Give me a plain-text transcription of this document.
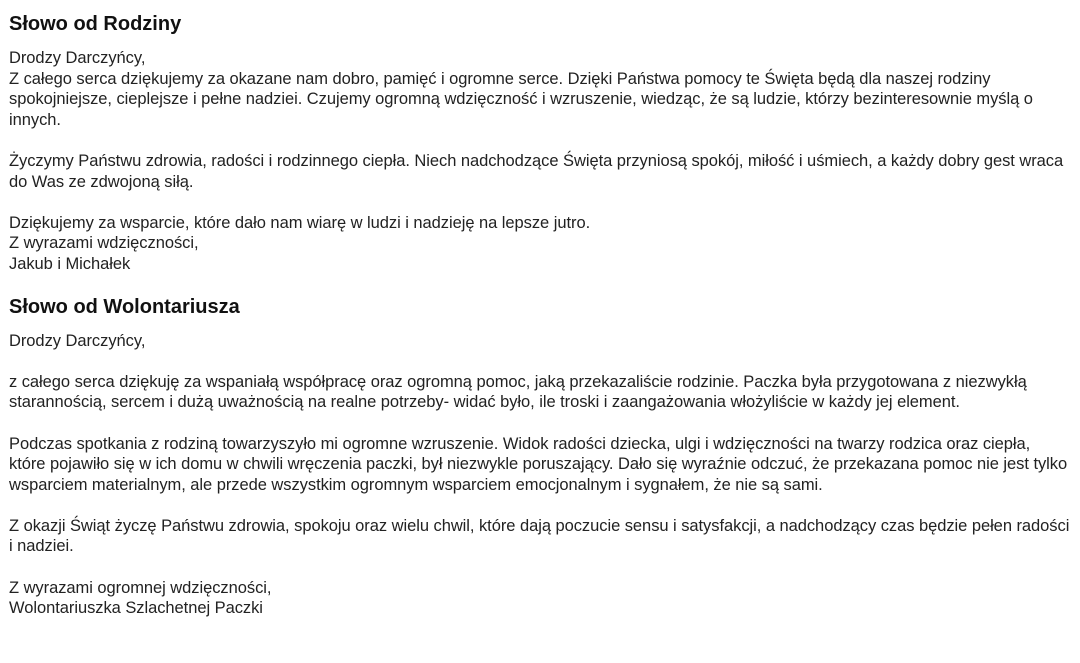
Słowo od Rodziny

Drodzy Darczyńcy,

Z całego serca dziękujemy za okazane nam dobro, pamięć i ogromne serce. Dzięki Państwa pomocy te Święta będą dla naszej rodziny spokojniejsze, cieplejsze i pełne nadziei. Czujemy ogromną wdzięczność i wzruszenie, wiedząc, że są ludzie, którzy bezinteresownie myślą o innych.

Życzymy Państwu zdrowia, radości i rodzinnego ciepła. Niech nadchodzące Święta przyniosą spokój, miłość i uśmiech, a każdy dobry gest wraca do Was ze zdwojoną siłą.

Dziękujemy za wsparcie, które dało nam wiarę w ludzi i nadzieję na lepsze jutro.
Z wyrazami wdzięczności,
Jakub i Michałek

Słowo od Wolontariusza

Drodzy Darczyńcy,

z całego serca dziękuję za wspaniałą współpracę oraz ogromną pomoc, jaką przekazaliście rodzinie. Paczka była przygotowana z niezwykłą starannością, sercem i dużą uważnością na realne potrzeby- widać było, ile troski i zaangażowania włożyliście w każdy jej element.

Podczas spotkania z rodziną towarzyszyło mi ogromne wzruszenie. Widok radości dziecka, ulgi i wdzięczności na twarzy rodzica oraz ciepła, które pojawiło się w ich domu w chwili wręczenia paczki, był niezwykle poruszający. Dało się wyraźnie odczuć, że przekazana pomoc nie jest tylko wsparciem materialnym, ale przede wszystkim ogromnym wsparciem emocjonalnym i sygnałem, że nie są sami.

Z okazji Świąt życzę Państwu zdrowia, spokoju oraz wielu chwil, które dają poczucie sensu i satysfakcji, a nadchodzący czas będzie pełen radości i nadziei.

Z wyrazami ogromnej wdzięczności,
Wolontariuszka Szlachetnej Paczki
